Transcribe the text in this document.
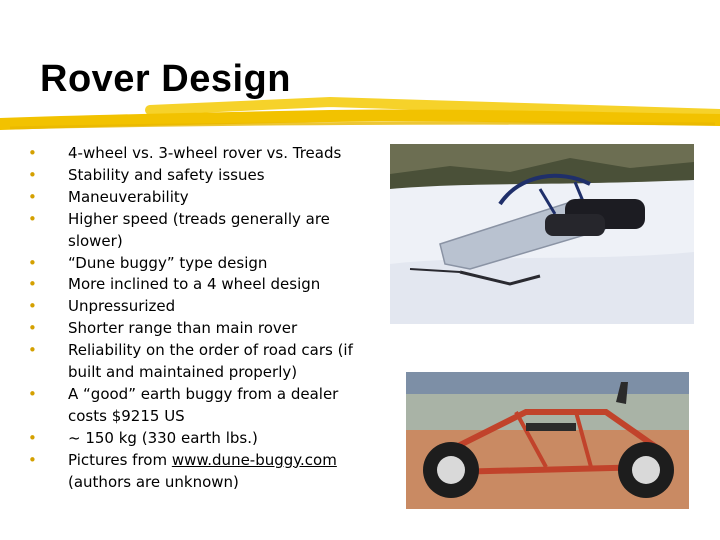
Rover Design
• 4-wheel vs. 3-wheel rover vs. Treads
• Stability and safety issues
• Maneuverability
• Higher speed (treads generally are slower)
• “Dune buggy” type design
• More inclined to a 4 wheel design
• Unpressurized
• Shorter range than main rover
• Reliability on the order of road cars (if built and maintained properly)
• A “good” earth buggy from a dealer costs $9215 US
• ~ 150 kg (330 earth lbs.)
• Pictures from www.dune-buggy.com (authors are unknown)
